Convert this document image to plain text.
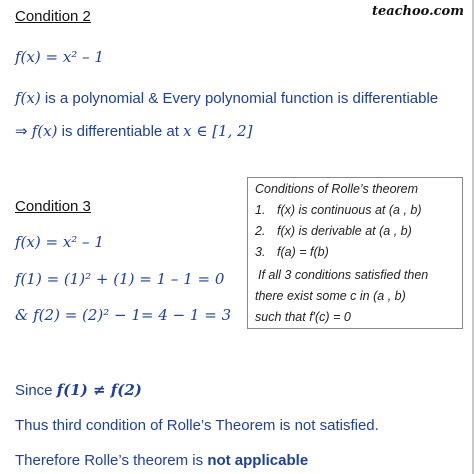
teachoo.com
Condition 2
f(x) = x² – 1
f(x) is a polynomial & Every polynomial function is differentiable
⇒ f(x) is differentiable at x ∈ [1, 2]
Condition 3
f(x) = x² – 1
f(1) = (1)² + (1) = 1 – 1 = 0
& f(2) = (2)² − 1= 4 − 1 = 3
Conditions of Rolle’s theorem
1. f(x) is continuous at (a , b)
2. f(x) is derivable at (a , b)
3. f(a) = f(b)
If all 3 conditions satisfied then
there exist some c in (a , b)
such that f′(c) = 0
Since f(1) ≠ f(2)
Thus third condition of Rolle’s Theorem is not satisfied.
Therefore Rolle’s theorem is not applicable
